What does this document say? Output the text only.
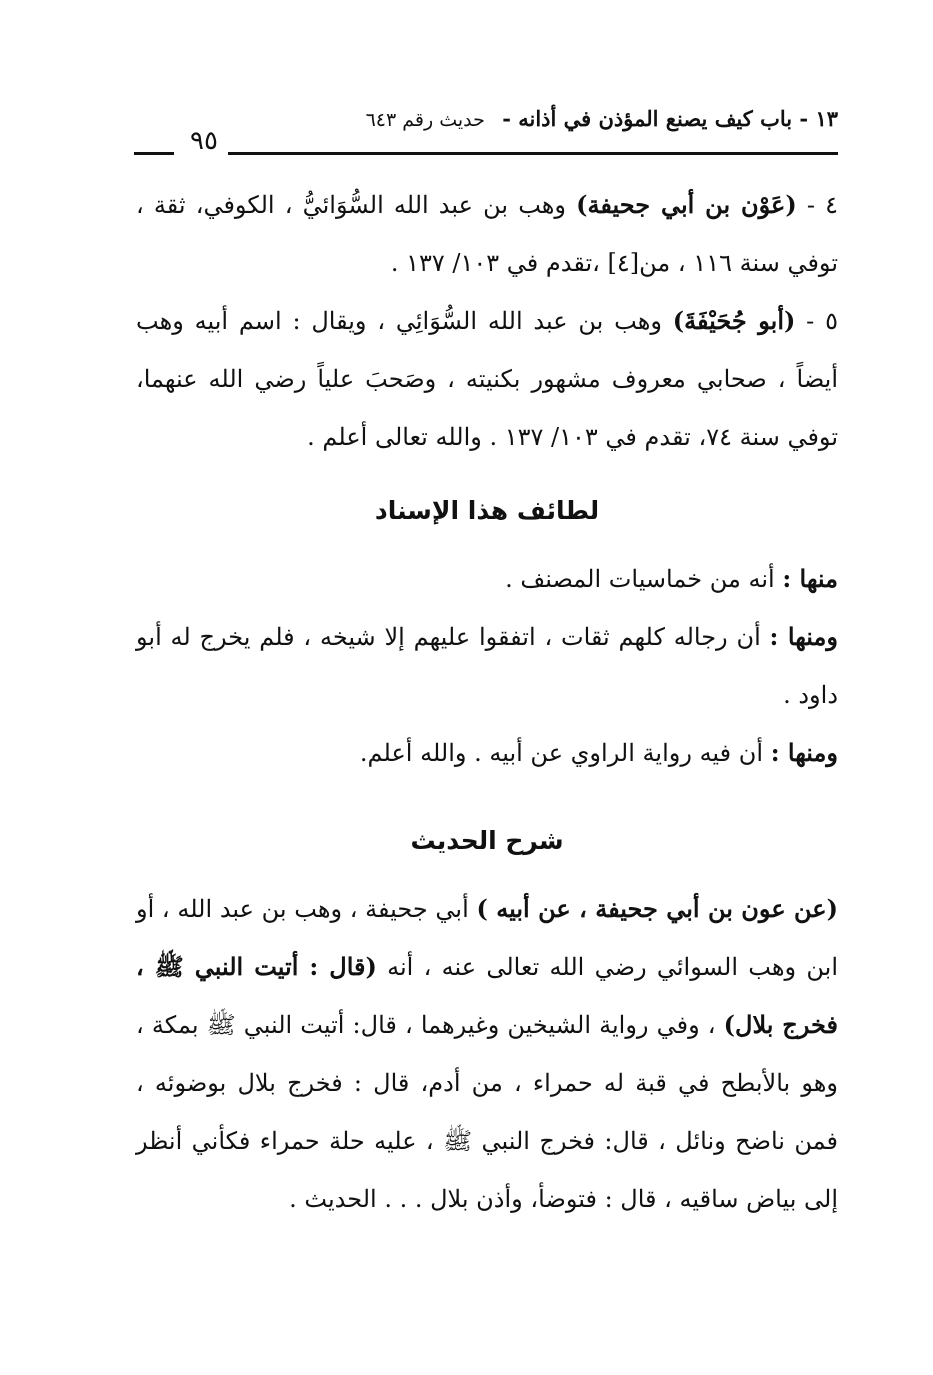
١٣ - باب كيف يصنع المؤذن في أذانه - حديث رقم ٦٤٣
٩٥

٤ - (عَوْن بن أبي جحيفة) وهب بن عبد الله السُّوَائيُّ ، الكوفي، ثقة ، توفي سنة ١١٦ ، من[٤] ،تقدم في ١٠٣/ ١٣٧ .

٥ - (أبو جُحَيْفَةَ) وهب بن عبد الله السُّوَائِي ، ويقال : اسم أبيه وهب أيضاً ، صحابي معروف مشهور بكنيته ، وصَحبَ علياً رضي الله عنهما، توفي سنة ٧٤، تقدم في ١٠٣/ ١٣٧ . والله تعالى أعلم .

لطائف هذا الإسناد

منها : أنه من خماسيات المصنف .

ومنها : أن رجاله كلهم ثقات ، اتفقوا عليهم إلا شيخه ، فلم يخرج له أبو داود .

ومنها : أن فيه رواية الراوي عن أبيه . والله أعلم.

شرح الحديث

(عن عون بن أبي جحيفة ، عن أبيه ) أبي جحيفة ، وهب بن عبد الله ، أو ابن وهب السوائي رضي الله تعالى عنه ، أنه (قال : أتيت النبي ﷺ ، فخرج بلال) ، وفي رواية الشيخين وغيرهما ، قال: أتيت النبي ﷺ بمكة ، وهو بالأبطح في قبة له حمراء ، من أدم، قال : فخرج بلال بوضوئه ، فمن ناضح ونائل ، قال: فخرج النبي ﷺ ، عليه حلة حمراء فكأني أنظر إلى بياض ساقيه ، قال : فتوضأ، وأذن بلال . . . الحديث .
